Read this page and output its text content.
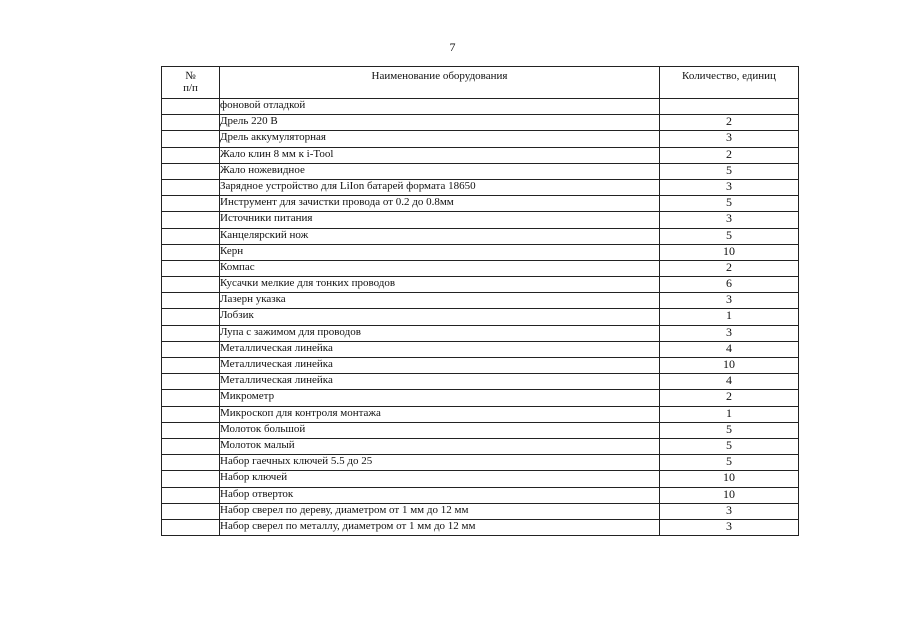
7
№
п/п	Наименование оборудования	Количество, единиц
	фоновой отладкой	
	Дрель 220 В	2
	Дрель аккумуляторная	3
	Жало клин 8 мм к i-Tool	2
	Жало ножевидное	5
	Зарядное устройство для LiIon батарей формата 18650	3
	Инструмент для зачистки провода от 0.2 до 0.8мм	5
	Источники питания	3
	Канцелярский нож	5
	Керн	10
	Компас	2
	Кусачки мелкие для тонких проводов	6
	Лазерн указка	3
	Лобзик	1
	Лупа с зажимом для проводов	3
	Металлическая линейка	4
	Металлическая линейка	10
	Металлическая линейка	4
	Микрометр	2
	Микроскоп для контроля монтажа	1
	Молоток большой	5
	Молоток малый	5
	Набор гаечных ключей 5.5 до 25	5
	Набор ключей	10
	Набор отверток	10
	Набор сверел по дереву, диаметром от 1 мм до 12 мм	3
	Набор сверел по металлу, диаметром от 1 мм до 12 мм	3
